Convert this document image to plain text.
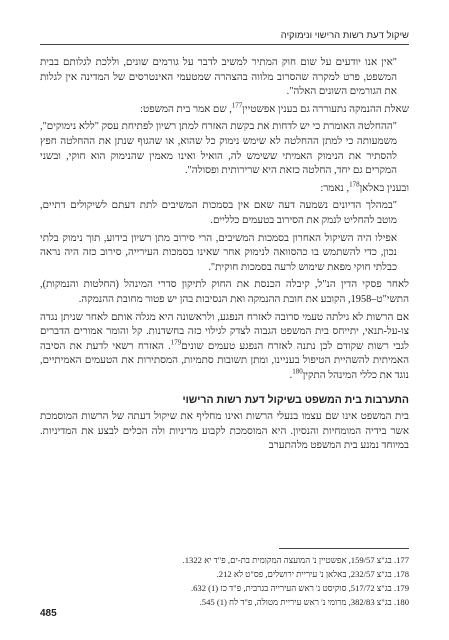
שיקול דעת רשות הרישוי ונימוקיה

"אין אנו יודעים על שום חוק המתיר למשיב לדבר על גורמים שונים, וללכת לגלותם בבית המשפט, פרט למקרה שהסרוב מלווה בהצהרה שמטעמי האינטרסים של המדינה אין לגלות את הגורמים השונים האלה".

שאלת ההנמקה נתעוררה גם בענין אפשטיין$^{177}$, שם אמר בית המשפט:

"ההחלטה האומרת כי יש לדחות את בקשת האזרח למתן רשיון לפתיחת עסק "ללא נימוקים", משמעותה כי למתן ההחלטה לא שימש נימוק כל שהוא, או שהגוף שנתן את ההחלטה חפץ להסתיר את הנימוק האמיתי ששימש לה, הואיל ואינו מאמין שהנימוק הוא חוקי, ובשני המקרים גם יחד, החלטה כזאת היא שרירותית ופסולה".

ובענין באלאן$^{178}$, נאמר:

"במהלך הדיונים נשמעה דעה שאם אין בסמכות המשיבים לתת דעתם לשיקולים דתיים, מוטב להחליט לנמק את הסירוב בטעמים כלליים.

אפילו היה השיקול האחרון בסמכות המשיבים, הרי סירוב מתן רשיון בידוע, תוך נימוק בלתי נכון, כדי להשתמש בו כהסוואה לנימוק אחר שאינו בסמכות העירייה, סירוב כזה היה נראה כבלתי חוקי מפאת שימוש לרעה בסמכות חוקית".

לאחר פסקי הדין הנ"ל, קיבלה הכנסת את החוק לתיקון סדרי המינהל (החלטות והנמקות), התשי"ט–1958, הקובע את חובת ההנמקה ואת הנסיבות בהן יש פטור מחובת ההנמקה.

אם הרשות לא גילתה טעמי סרובה לאזרח הנפגע, ולראשונה היא מגלה אותם לאחר שניתן נגדה צו-על-תנאי, יתייחס בית המשפט הגבוה לצדק לגילוי כזה בחשדנות. קל והומר אמורים הדברים לגבי רשות שקודם לכן נתנה לאזרח הנפגע טעמים שונים$^{179}$. האזרח רשאי לדעת את הסיבה האמיתית להשהיית הטיפול בעניינו, ומתן תשובות סתמיות, המסתירות את הטעמים האמיתיים, נוגד את כללי המינהל התקין$^{180}$.

התערבות בית המשפט בשיקול דעת רשות הרישוי

בית המשפט אינו שם עצמו בנעלי הרשות ואינו מחליף את שיקול דעתה של הרשות המוסמכת אשר בידיה המומחיות והנסיון. היא המוסמכת לקבוע מדיניות ולה הכלים לבצע את המדיניות. במיוחד נמנע בית המשפט מלהתערב

177. בג"צ 159/57, אפשטיין נ' המועצה המקומית בת-ים, פ"ד יא 1322.
178. בג"צ 232/57, באלאן נ' עיריית ירושלים, פס"ט לא 212.
179. בג"צ 517/72, סוקיסט נ' ראש העירייה בגרבית, פ"ד כז (1) 632.
180. בג"צ 382/83, מרומי נ' ראש עיריית מטולה, פ"ד לח (1) 545.
485
